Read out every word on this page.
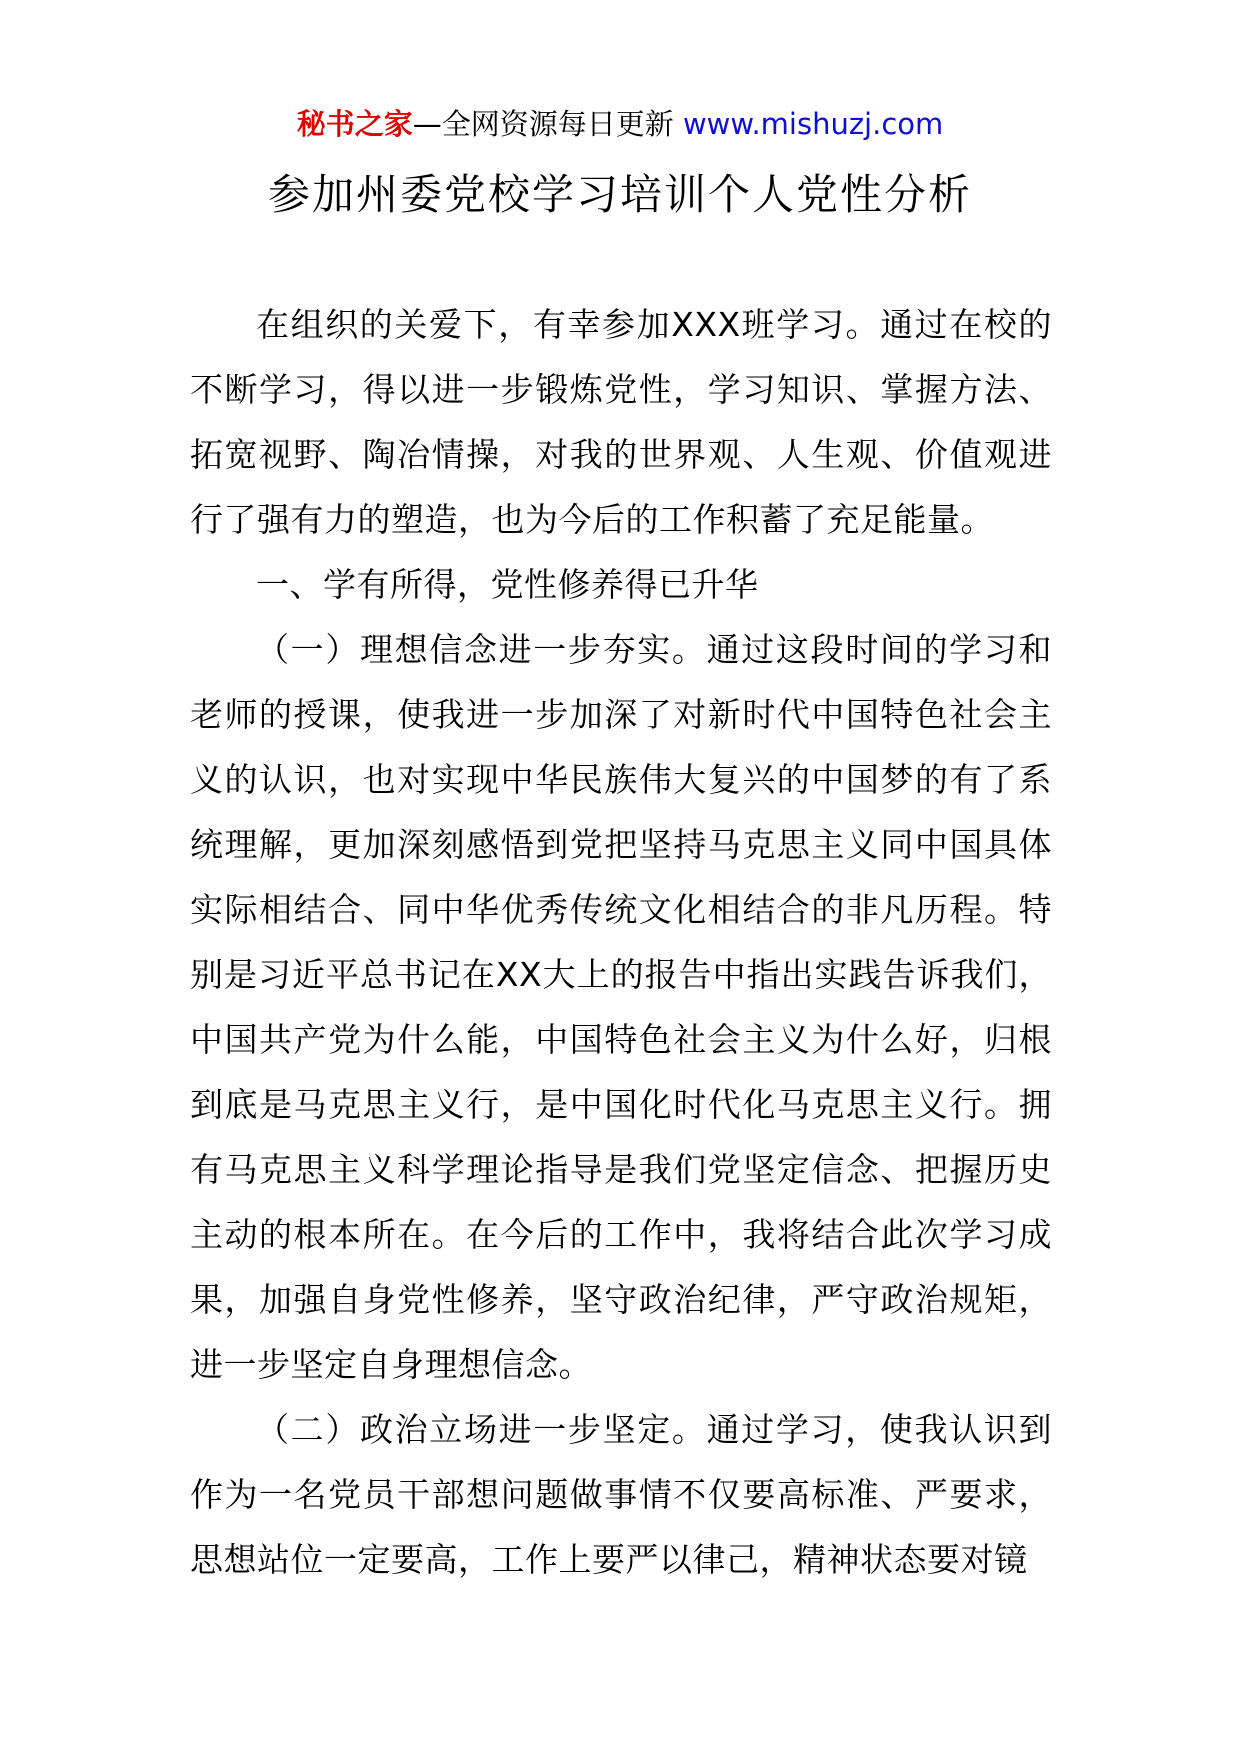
秘书之家—全网资源每日更新 www.mishuzj.com
参加州委党校学习培训个人党性分析

在组织的关爱下，有幸参加XXX班学习。通过在校的不断学习，得以进一步锻炼党性，学习知识、掌握方法、拓宽视野、陶冶情操，对我的世界观、人生观、价值观进行了强有力的塑造，也为今后的工作积蓄了充足能量。

一、学有所得，党性修养得已升华

（一）理想信念进一步夯实。通过这段时间的学习和老师的授课，使我进一步加深了对新时代中国特色社会主义的认识，也对实现中华民族伟大复兴的中国梦的有了系统理解，更加深刻感悟到党把坚持马克思主义同中国具体实际相结合、同中华优秀传统文化相结合的非凡历程。特别是习近平总书记在XX大上的报告中指出实践告诉我们，中国共产党为什么能，中国特色社会主义为什么好，归根到底是马克思主义行，是中国化时代化马克思主义行。拥有马克思主义科学理论指导是我们党坚定信念、把握历史主动的根本所在。在今后的工作中，我将结合此次学习成果，加强自身党性修养，坚守政治纪律，严守政治规矩，进一步坚定自身理想信念。

（二）政治立场进一步坚定。通过学习，使我认识到作为一名党员干部想问题做事情不仅要高标准、严要求，思想站位一定要高，工作上要严以律己，精神状态要对镜
